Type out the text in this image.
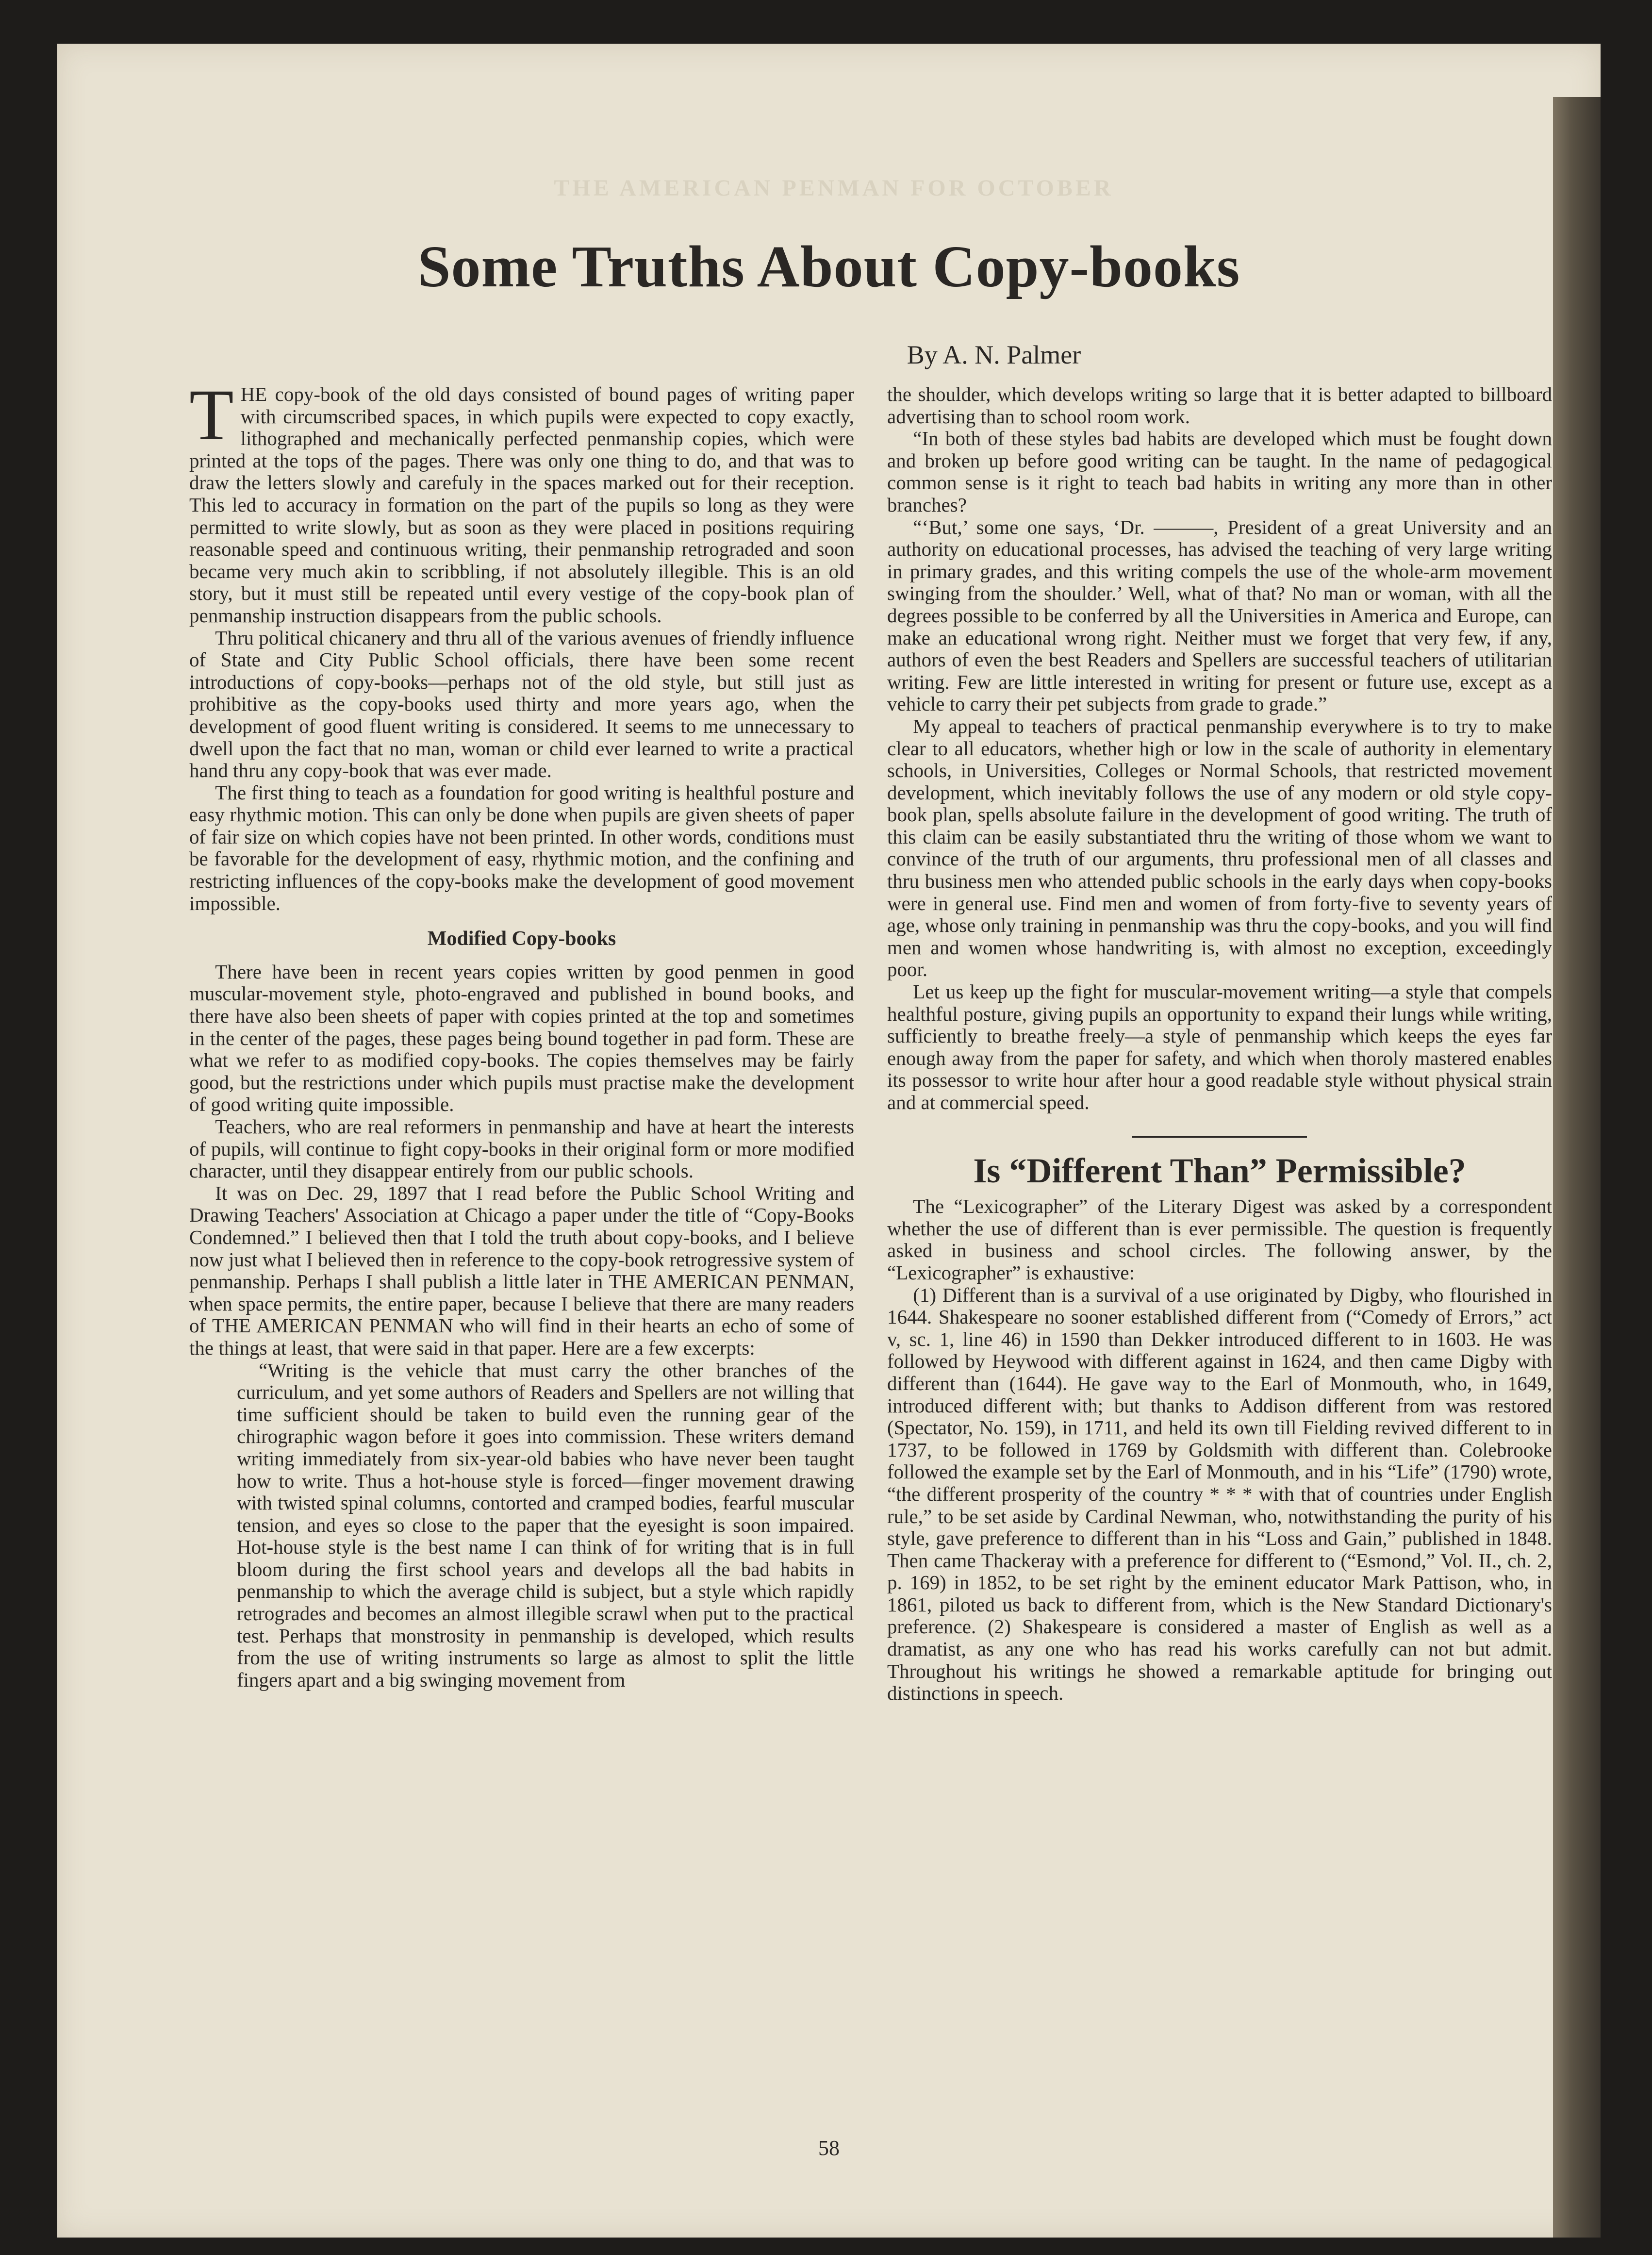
THE AMERICAN PENMAN FOR OCTOBER
Some Truths About Copy-books
By A. N. Palmer

THE copy-book of the old days consisted of bound pages of writing paper with circumscribed spaces, in which pupils were expected to copy exactly, lithographed and mechanically perfected penmanship copies, which were printed at the tops of the pages. There was only one thing to do, and that was to draw the letters slowly and carefuly in the spaces marked out for their reception. This led to accuracy in formation on the part of the pupils so long as they were permitted to write slowly, but as soon as they were placed in positions requiring reasonable speed and continuous writing, their penmanship retrograded and soon became very much akin to scribbling, if not absolutely illegible. This is an old story, but it must still be repeated until every vestige of the copy-book plan of penmanship instruction disappears from the public schools.

Thru political chicanery and thru all of the various avenues of friendly influence of State and City Public School officials, there have been some recent introductions of copy-books—perhaps not of the old style, but still just as prohibitive as the copy-books used thirty and more years ago, when the development of good fluent writing is considered. It seems to me unnecessary to dwell upon the fact that no man, woman or child ever learned to write a practical hand thru any copy-book that was ever made.

The first thing to teach as a foundation for good writing is healthful posture and easy rhythmic motion. This can only be done when pupils are given sheets of paper of fair size on which copies have not been printed. In other words, conditions must be favorable for the development of easy, rhythmic motion, and the confining and restricting influences of the copy-books make the development of good movement impossible.

Modified Copy-books

There have been in recent years copies written by good penmen in good muscular-movement style, photo-engraved and published in bound books, and there have also been sheets of paper with copies printed at the top and sometimes in the center of the pages, these pages being bound together in pad form. These are what we refer to as modified copy-books. The copies themselves may be fairly good, but the restrictions under which pupils must practise make the development of good writing quite impossible.

Teachers, who are real reformers in penmanship and have at heart the interests of pupils, will continue to fight copy-books in their original form or more modified character, until they disappear entirely from our public schools.

It was on Dec. 29, 1897 that I read before the Public School Writing and Drawing Teachers' Association at Chicago a paper under the title of “Copy-Books Condemned.” I believed then that I told the truth about copy-books, and I believe now just what I believed then in reference to the copy-book retrogressive system of penmanship. Perhaps I shall publish a little later in THE AMERICAN PENMAN, when space permits, the entire paper, because I believe that there are many readers of THE AMERICAN PENMAN who will find in their hearts an echo of some of the things at least, that were said in that paper. Here are a few excerpts:

“Writing is the vehicle that must carry the other branches of the curriculum, and yet some authors of Readers and Spellers are not willing that time sufficient should be taken to build even the running gear of the chirographic wagon before it goes into commission. These writers demand writing immediately from six-year-old babies who have never been taught how to write. Thus a hot-house style is forced—finger movement drawing with twisted spinal columns, contorted and cramped bodies, fearful muscular tension, and eyes so close to the paper that the eyesight is soon impaired. Hot-house style is the best name I can think of for writing that is in full bloom during the first school years and develops all the bad habits in penmanship to which the average child is subject, but a style which rapidly retrogrades and becomes an almost illegible scrawl when put to the practical test. Perhaps that monstrosity in penmanship is developed, which results from the use of writing instruments so large as almost to split the little fingers apart and a big swinging movement from

the shoulder, which develops writing so large that it is better adapted to billboard advertising than to school room work.

“In both of these styles bad habits are developed which must be fought down and broken up before good writing can be taught. In the name of pedagogical common sense is it right to teach bad habits in writing any more than in other branches?

“‘But,’ some one says, ‘Dr. ———, President of a great University and an authority on educational processes, has advised the teaching of very large writing in primary grades, and this writing compels the use of the whole-arm movement swinging from the shoulder.’ Well, what of that? No man or woman, with all the degrees possible to be conferred by all the Universities in America and Europe, can make an educational wrong right. Neither must we forget that very few, if any, authors of even the best Readers and Spellers are successful teachers of utilitarian writing. Few are little interested in writing for present or future use, except as a vehicle to carry their pet subjects from grade to grade.”

My appeal to teachers of practical penmanship everywhere is to try to make clear to all educators, whether high or low in the scale of authority in elementary schools, in Universities, Colleges or Normal Schools, that restricted movement development, which inevitably follows the use of any modern or old style copy-book plan, spells absolute failure in the development of good writing. The truth of this claim can be easily substantiated thru the writing of those whom we want to convince of the truth of our arguments, thru professional men of all classes and thru business men who attended public schools in the early days when copy-books were in general use. Find men and women of from forty-five to seventy years of age, whose only training in penmanship was thru the copy-books, and you will find men and women whose handwriting is, with almost no exception, exceedingly poor.

Let us keep up the fight for muscular-movement writing—a style that compels healthful posture, giving pupils an opportunity to expand their lungs while writing, sufficiently to breathe freely—a style of penmanship which keeps the eyes far enough away from the paper for safety, and which when thoroly mastered enables its possessor to write hour after hour a good readable style without physical strain and at commercial speed.

Is “Different Than” Permissible?

The “Lexicographer” of the Literary Digest was asked by a correspondent whether the use of different than is ever permissible. The question is frequently asked in business and school circles. The following answer, by the “Lexicographer” is exhaustive:

(1) Different than is a survival of a use originated by Digby, who flourished in 1644. Shakespeare no sooner established different from (“Comedy of Errors,” act v, sc. 1, line 46) in 1590 than Dekker introduced different to in 1603. He was followed by Heywood with different against in 1624, and then came Digby with different than (1644). He gave way to the Earl of Monmouth, who, in 1649, introduced different with; but thanks to Addison different from was restored (Spectator, No. 159), in 1711, and held its own till Fielding revived different to in 1737, to be followed in 1769 by Goldsmith with different than. Colebrooke followed the example set by the Earl of Monmouth, and in his “Life” (1790) wrote, “the different prosperity of the country * * * with that of countries under English rule,” to be set aside by Cardinal Newman, who, notwithstanding the purity of his style, gave preference to different than in his “Loss and Gain,” published in 1848. Then came Thackeray with a preference for different to (“Esmond,” Vol. II., ch. 2, p. 169) in 1852, to be set right by the eminent educator Mark Pattison, who, in 1861, piloted us back to different from, which is the New Standard Dictionary's preference. (2) Shakespeare is considered a master of English as well as a dramatist, as any one who has read his works carefully can not but admit. Throughout his writings he showed a remarkable aptitude for bringing out distinctions in speech.

58
